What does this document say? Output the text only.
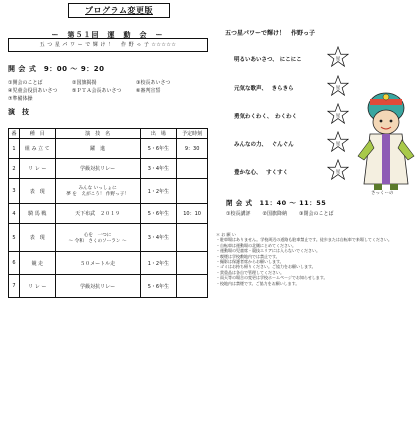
プログラム変更版
ー　第５１回　運　動　会　ー
五 つ 星 パ ワ ー で 輝 け ！ 　作 野 っ 子 ☆☆☆☆☆
開 会 式　9：00 ～ 9：20
①開会のことば	②国旗掲揚	③校長あいさつ
④児童会役員あいさつ	⑤ＰＴＡ会長あいさつ	⑥審判宣誓
⑦準備体操
演　技
番	種　目	演　技　名	出　場	予定時刻
1	組 み 立 て	躍　進	5・6年生	9：30
2	リ レ ー	学級対抗リレー	3・4年生	
3	表　現	みんな いっしょに
夢 を　えがこう！ 作野っ子！	1・2年生	
4	騎 馬 戦	天下布武　２０１９	5・6年生	10：10
5	表　現	心を　一つに
～ 令和　さくのソーラン ～	3・4年生	
6	競 走	５０メートル走	1・2年生	
7	リ レ ー	学級対抗リレー	5・6年生	
五つ星パワーで輝け！　作野っ子
明るいあいさつ、 にこにこ
元気な歌声、　 きらきら
勇気わくわく、　わくわく
みんなの力、　 ぐんぐん
豊かな心、　 すくすく
星
星
星
星
星
さっくーの
閉 会 式　11：40 ～ 11：55
①校長講評 ②国旗降納 ③閉会のことば
＊ お 願 い
・駐車場はありません。学校周辺の道路も駐車禁止です。徒歩または自転車で来場してください。
・自転車は運動場の北側にとめてください。
・運動場の児童席・競技エリアには入らないでください。
・喫煙は学校敷地内では禁止です。
・撮影は保護者席からお願いします。
・ゴミはお持ち帰りください。ご協力をお願いします。
・貴重品は各自で管理してください。
・雨天等の場合の変更は学校ホームページでお知らせします。
・校地内は禁煙です。ご協力をお願いします。
